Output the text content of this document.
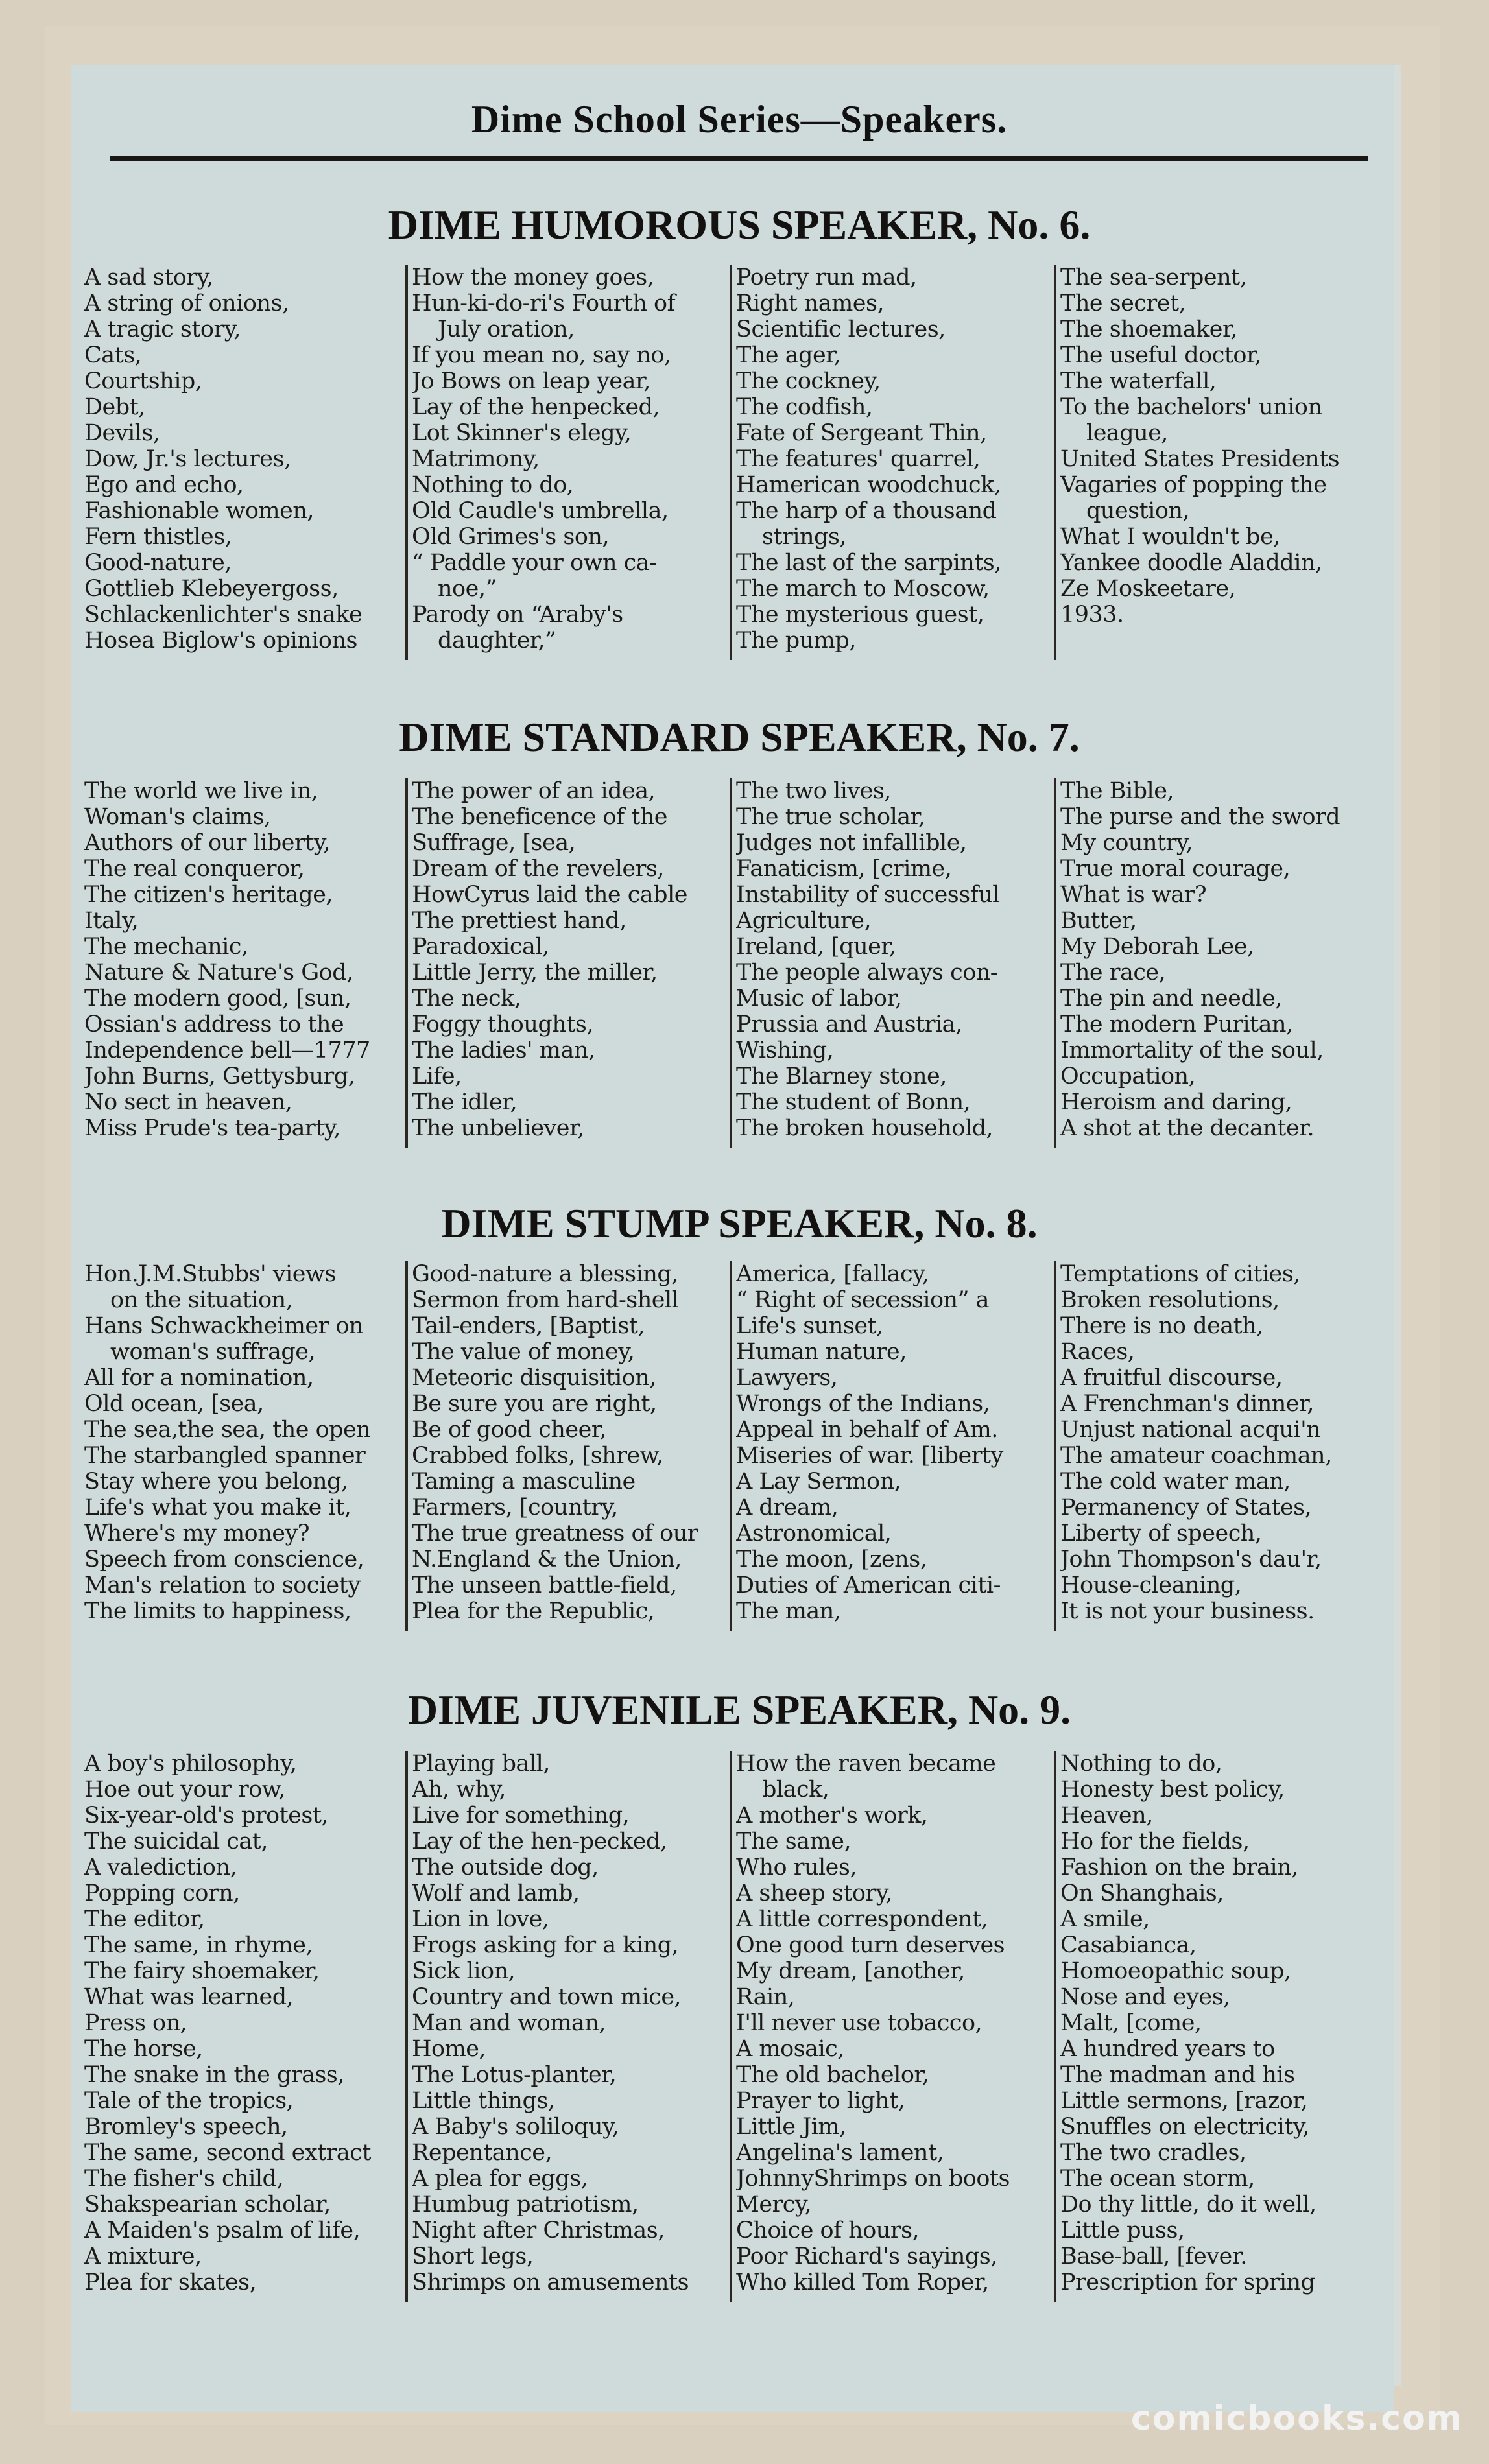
Dime School Series—Speakers.
DIME HUMOROUS SPEAKER, No. 6.
A sad story,
A string of onions,
A tragic story,
Cats,
Courtship,
Debt,
Devils,
Dow, Jr.'s lectures,
Ego and echo,
Fashionable women,
Fern thistles,
Good-nature,
Gottlieb Klebeyergoss,
Schlackenlichter's snake
Hosea Biglow's opinions
How the money goes,
Hun-ki-do-ri's Fourth of
July oration,
If you mean no, say no,
Jo Bows on leap year,
Lay of the henpecked,
Lot Skinner's elegy,
Matrimony,
Nothing to do,
Old Caudle's umbrella,
Old Grimes's son,
“ Paddle your own ca-
noe,”
Parody on “Araby's
daughter,”
Poetry run mad,
Right names,
Scientific lectures,
The ager,
The cockney,
The codfish,
Fate of Sergeant Thin,
The features' quarrel,
Hamerican woodchuck,
The harp of a thousand
strings,
The last of the sarpints,
The march to Moscow,
The mysterious guest,
The pump,
The sea-serpent,
The secret,
The shoemaker,
The useful doctor,
The waterfall,
To the bachelors' union
league,
United States Presidents
Vagaries of popping the
question,
What I wouldn't be,
Yankee doodle Aladdin,
Ze Moskeetare,
1933.
DIME STANDARD SPEAKER, No. 7.
The world we live in,
Woman's claims,
Authors of our liberty,
The real conqueror,
The citizen's heritage,
Italy,
The mechanic,
Nature & Nature's God,
The modern good, [sun,
Ossian's address to the
Independence bell—1777
John Burns, Gettysburg,
No sect in heaven,
Miss Prude's tea-party,
The power of an idea,
The beneficence of the
Suffrage, [sea,
Dream of the revelers,
HowCyrus laid the cable
The prettiest hand,
Paradoxical,
Little Jerry, the miller,
The neck,
Foggy thoughts,
The ladies' man,
Life,
The idler,
The unbeliever,
The two lives,
The true scholar,
Judges not infallible,
Fanaticism, [crime,
Instability of successful
Agriculture,
Ireland, [quer,
The people always con-
Music of labor,
Prussia and Austria,
Wishing,
The Blarney stone,
The student of Bonn,
The broken household,
The Bible,
The purse and the sword
My country,
True moral courage,
What is war?
Butter,
My Deborah Lee,
The race,
The pin and needle,
The modern Puritan,
Immortality of the soul,
Occupation,
Heroism and daring,
A shot at the decanter.
DIME STUMP SPEAKER, No. 8.
Hon.J.M.Stubbs' views
on the situation,
Hans Schwackheimer on
woman's suffrage,
All for a nomination,
Old ocean, [sea,
The sea,the sea, the open
The starbangled spanner
Stay where you belong,
Life's what you make it,
Where's my money?
Speech from conscience,
Man's relation to society
The limits to happiness,
Good-nature a blessing,
Sermon from hard-shell
Tail-enders, [Baptist,
The value of money,
Meteoric disquisition,
Be sure you are right,
Be of good cheer,
Crabbed folks, [shrew,
Taming a masculine
Farmers, [country,
The true greatness of our
N.England & the Union,
The unseen battle-field,
Plea for the Republic,
America, [fallacy,
“ Right of secession” a
Life's sunset,
Human nature,
Lawyers,
Wrongs of the Indians,
Appeal in behalf of Am.
Miseries of war. [liberty
A Lay Sermon,
A dream,
Astronomical,
The moon, [zens,
Duties of American citi-
The man,
Temptations of cities,
Broken resolutions,
There is no death,
Races,
A fruitful discourse,
A Frenchman's dinner,
Unjust national acqui'n
The amateur coachman,
The cold water man,
Permanency of States,
Liberty of speech,
John Thompson's dau'r,
House-cleaning,
It is not your business.
DIME JUVENILE SPEAKER, No. 9.
A boy's philosophy,
Hoe out your row,
Six-year-old's protest,
The suicidal cat,
A valediction,
Popping corn,
The editor,
The same, in rhyme,
The fairy shoemaker,
What was learned,
Press on,
The horse,
The snake in the grass,
Tale of the tropics,
Bromley's speech,
The same, second extract
The fisher's child,
Shakspearian scholar,
A Maiden's psalm of life,
A mixture,
Plea for skates,
Playing ball,
Ah, why,
Live for something,
Lay of the hen-pecked,
The outside dog,
Wolf and lamb,
Lion in love,
Frogs asking for a king,
Sick lion,
Country and town mice,
Man and woman,
Home,
The Lotus-planter,
Little things,
A Baby's soliloquy,
Repentance,
A plea for eggs,
Humbug patriotism,
Night after Christmas,
Short legs,
Shrimps on amusements
How the raven became
black,
A mother's work,
The same,
Who rules,
A sheep story,
A little correspondent,
One good turn deserves
My dream, [another,
Rain,
I'll never use tobacco,
A mosaic,
The old bachelor,
Prayer to light,
Little Jim,
Angelina's lament,
JohnnyShrimps on boots
Mercy,
Choice of hours,
Poor Richard's sayings,
Who killed Tom Roper,
Nothing to do,
Honesty best policy,
Heaven,
Ho for the fields,
Fashion on the brain,
On Shanghais,
A smile,
Casabianca,
Homoeopathic soup,
Nose and eyes,
Malt, [come,
A hundred years to
The madman and his
Little sermons, [razor,
Snuffles on electricity,
The two cradles,
The ocean storm,
Do thy little, do it well,
Little puss,
Base-ball, [fever.
Prescription for spring
comicbooks.com
